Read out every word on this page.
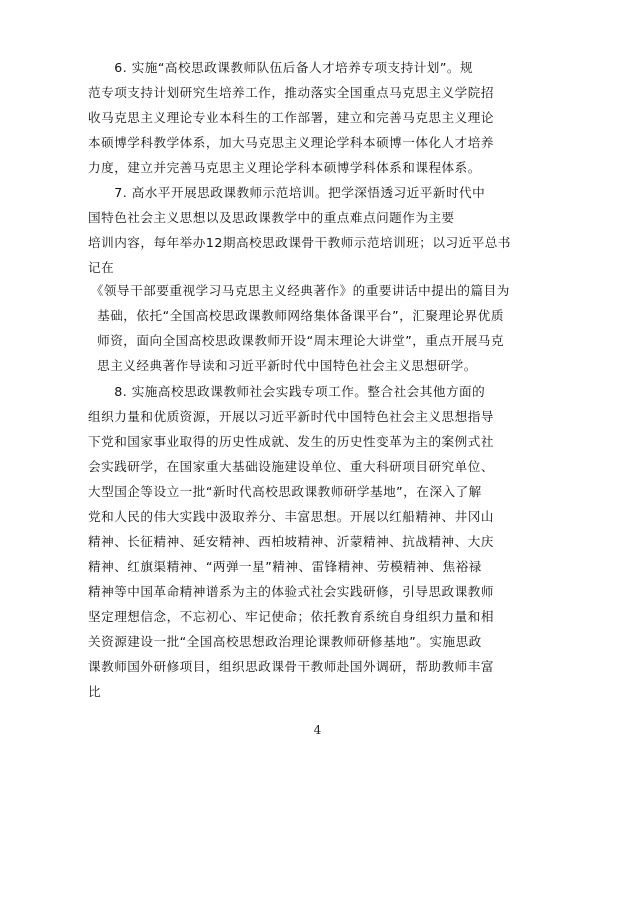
　　6. 实施“高校思政课教师队伍后备人才培养专项支持计划”。规
范专项支持计划研究生培养工作，推动落实全国重点马克思主义学院招
收马克思主义理论专业本科生的工作部署，建立和完善马克思主义理论
本硕博学科教学体系，加大马克思主义理论学科本硕博一体化人才培养
力度，建立并完善马克思主义理论学科本硕博学科体系和课程体系。
　　7. 高水平开展思政课教师示范培训。把学深悟透习近平新时代中
国特色社会主义思想以及思政课教学中的重点难点问题作为主要
培训内容，每年举办12期高校思政课骨干教师示范培训班；以习近平总书
记在
　《领导干部要重视学习马克思主义经典著作》的重要讲话中提出的篇目为
　基础，依托“全国高校思政课教师网络集体备课平台”，汇聚理论界优质
　师资，面向全国高校思政课教师开设“周末理论大讲堂”，重点开展马克
　思主义经典著作导读和习近平新时代中国特色社会主义思想研学。
　　8. 实施高校思政课教师社会实践专项工作。整合社会其他方面的
组织力量和优质资源，开展以习近平新时代中国特色社会主义思想指导
下党和国家事业取得的历史性成就、发生的历史性变革为主的案例式社
会实践研学，在国家重大基础设施建设单位、重大科研项目研究单位、
大型国企等设立一批“新时代高校思政课教师研学基地”，在深入了解
党和人民的伟大实践中汲取养分、丰富思想。开展以红船精神、井冈山
精神、长征精神、延安精神、西柏坡精神、沂蒙精神、抗战精神、大庆
精神、红旗渠精神、“两弹一星”精神、雷锋精神、劳模精神、焦裕禄
精神等中国革命精神谱系为主的体验式社会实践研修，引导思政课教师
坚定理想信念，不忘初心、牢记使命；依托教育系统自身组织力量和相
关资源建设一批“全国高校思想政治理论课教师研修基地”。实施思政
课教师国外研修项目，组织思政课骨干教师赴国外调研，帮助教师丰富
比
4
